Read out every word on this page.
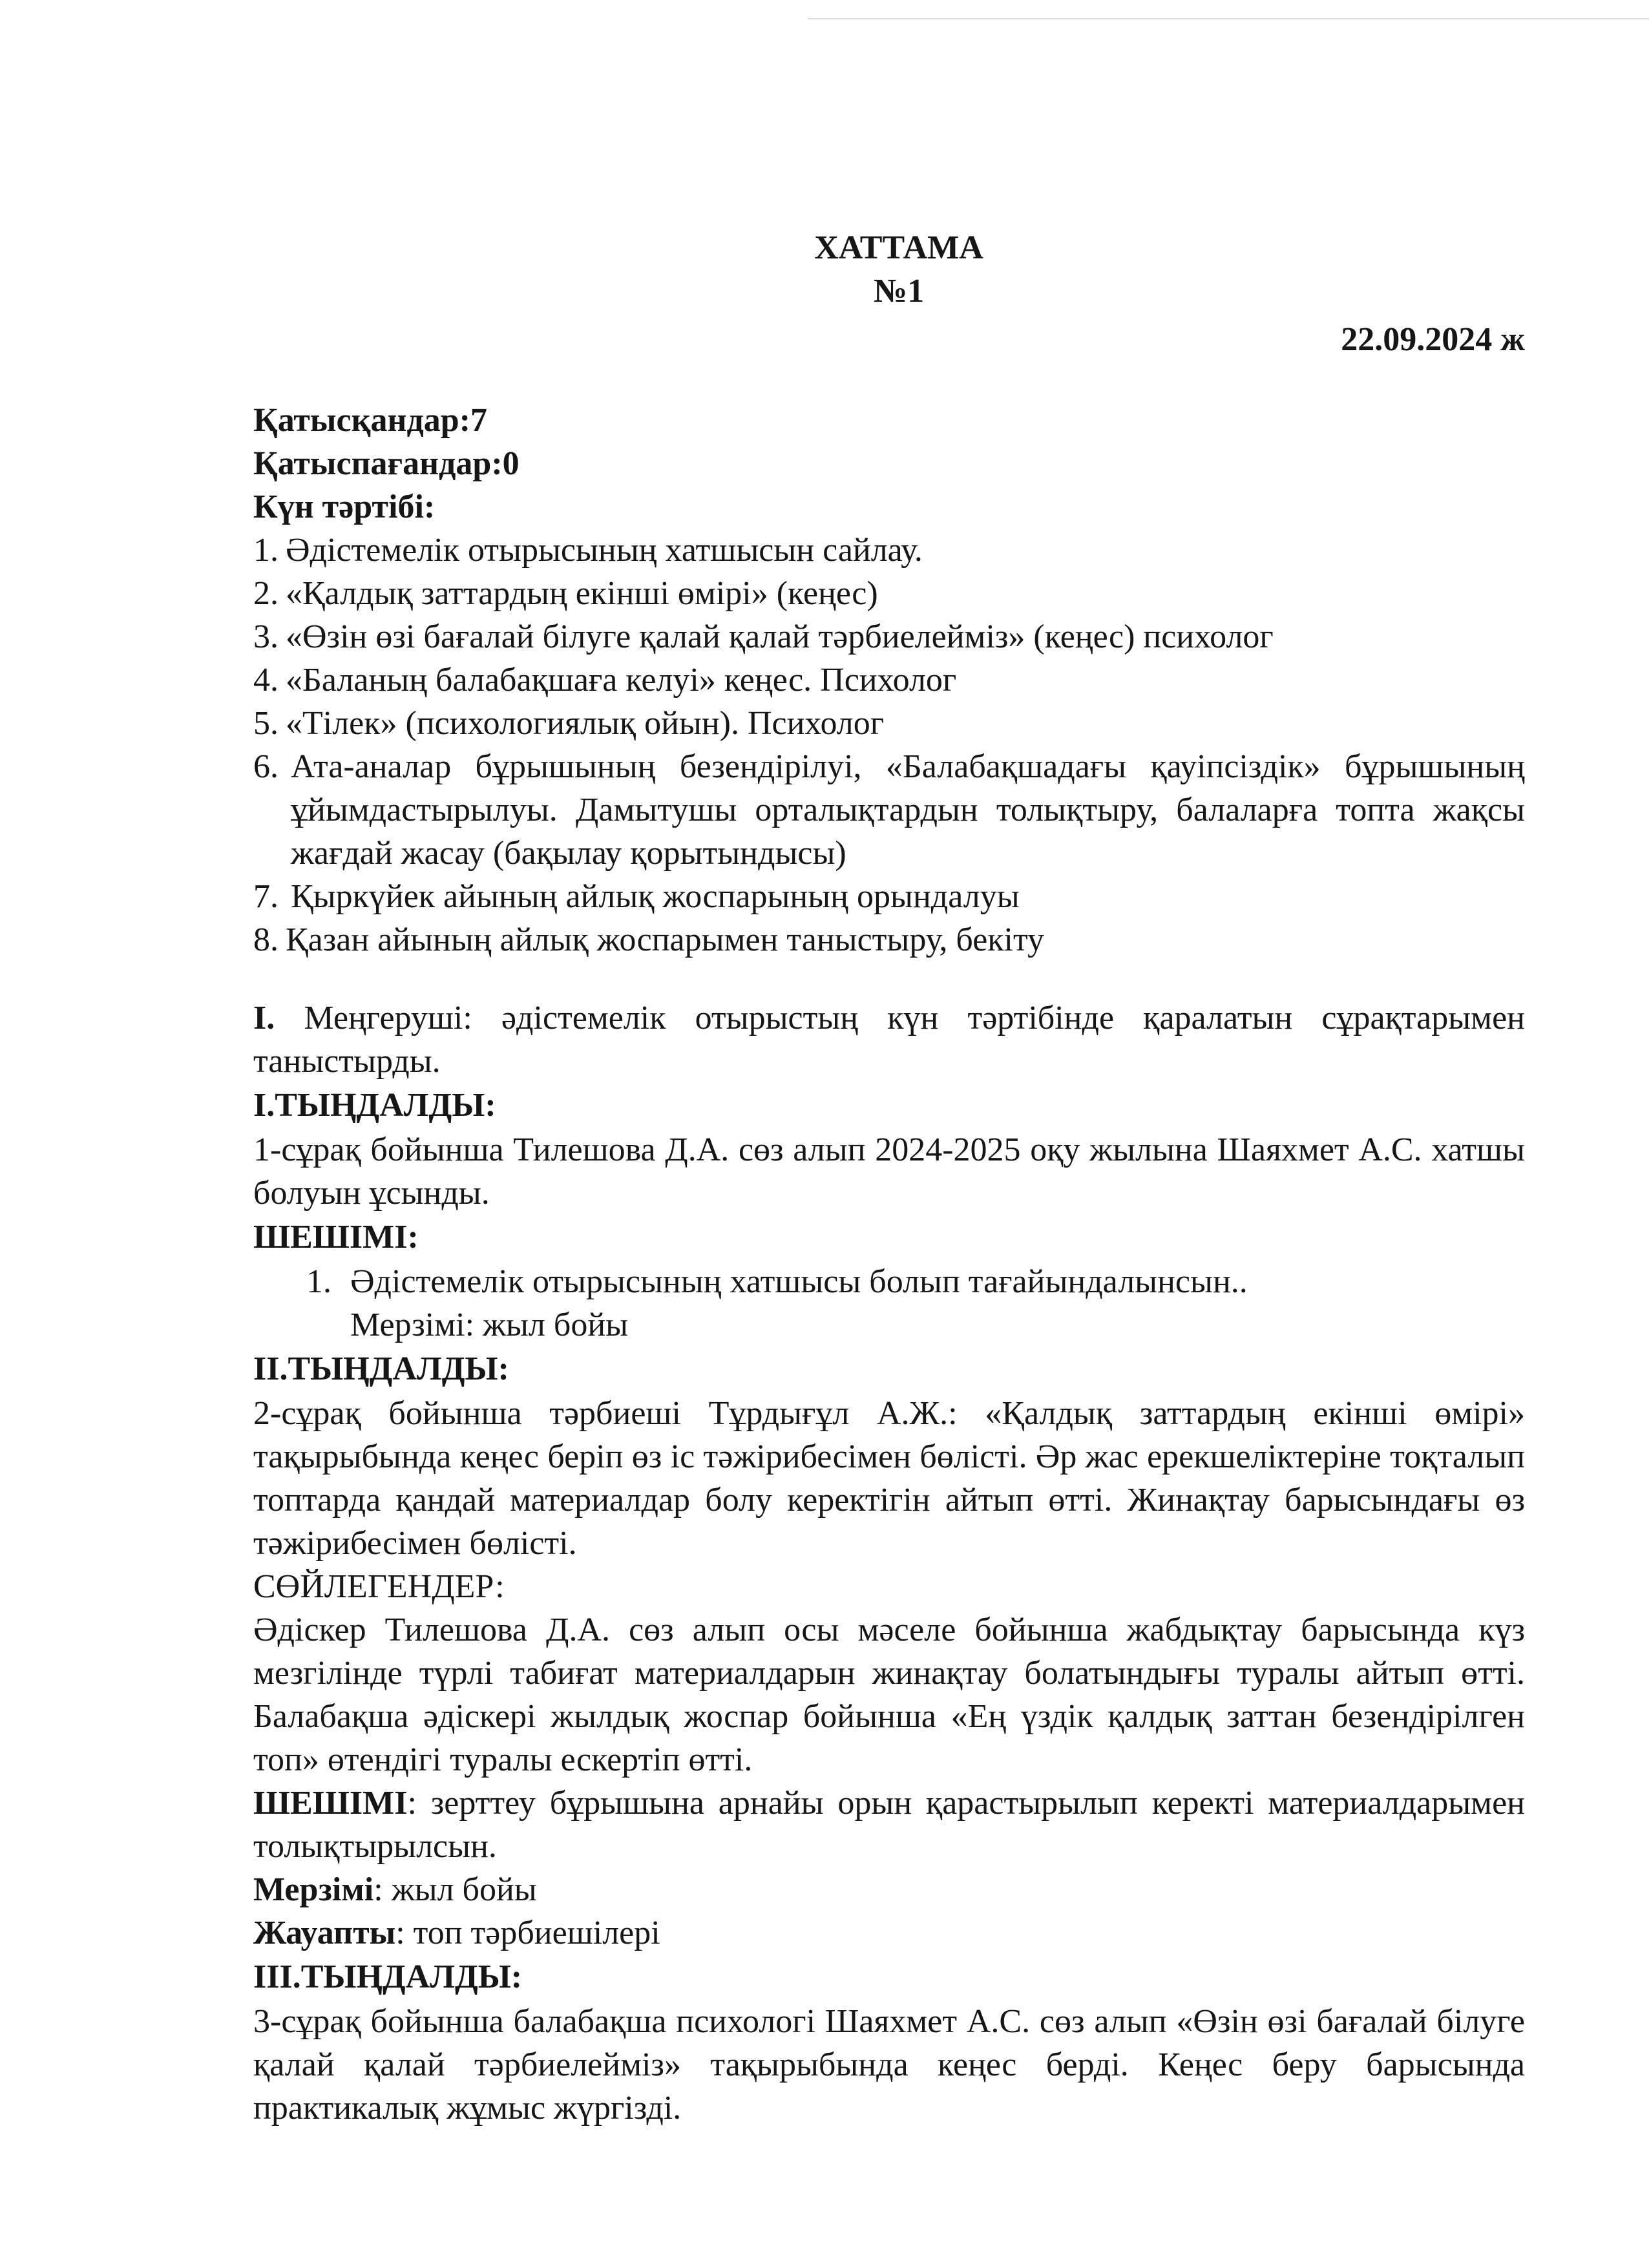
ХАТТАМА
№1
22.09.2024 ж
Қатысқандар:7
Қатыспағандар:0
Күн тәртібі:
1. Әдістемелік отырысының хатшысын сайлау.
2. «Қалдық заттардың екінші өмірі» (кеңес)
3. «Өзін өзі бағалай білуге қалай қалай тәрбиелейміз» (кеңес) психолог
4. «Баланың балабақшаға келуі» кеңес. Психолог
5. «Тілек» (психологиялық ойын). Психолог
6. Ата-аналар бұрышының безендірілуі, «Балабақшадағы қауіпсіздік» бұрышының ұйымдастырылуы. Дамытушы орталықтардын толықтыру, балаларға топта жақсы жағдай жасау (бақылау қорытындысы)
7. Қыркүйек айының айлық жоспарының орындалуы
8. Қазан айының айлық жоспарымен таныстыру, бекіту
І. Меңгеруші: әдістемелік отырыстың күн тәртібінде қаралатын сұрақтарымен таныстырды.
І.ТЫҢДАЛДЫ:
1-сұрақ бойынша Тилешова Д.А. сөз алып 2024-2025 оқу жылына Шаяхмет А.С. хатшы болуын ұсынды.
ШЕШІМІ:
1. Әдістемелік отырысының хатшысы болып тағайындалынсын..
Мерзімі: жыл бойы
ІІ.ТЫҢДАЛДЫ:
2-сұрақ бойынша тәрбиеші Тұрдығұл А.Ж.: «Қалдық заттардың екінші өмірі» тақырыбында кеңес беріп өз іс тәжірибесімен бөлісті. Әр жас ерекшеліктеріне тоқталып топтарда қандай материалдар болу керектігін айтып өтті. Жинақтау барысындағы өз тәжірибесімен бөлісті.
СӨЙЛЕГЕНДЕР:
Әдіскер Тилешова Д.А. сөз алып осы мәселе бойынша жабдықтау барысында күз мезгілінде түрлі табиғат материалдарын жинақтау болатындығы туралы айтып өтті. Балабақша әдіскері жылдық жоспар бойынша «Ең үздік қалдық заттан безендірілген топ» өтендігі туралы ескертіп өтті.
ШЕШІМІ: зерттеу бұрышына арнайы орын қарастырылып керекті материалдарымен толықтырылсын.
Мерзімі: жыл бойы
Жауапты: топ тәрбиешілері
ІІІ.ТЫҢДАЛДЫ:
3-сұрақ бойынша балабақша психологі Шаяхмет А.С. сөз алып «Өзін өзі бағалай білуге қалай қалай тәрбиелейміз» тақырыбында кеңес берді. Кеңес беру барысында практикалық жұмыс жүргізді.
